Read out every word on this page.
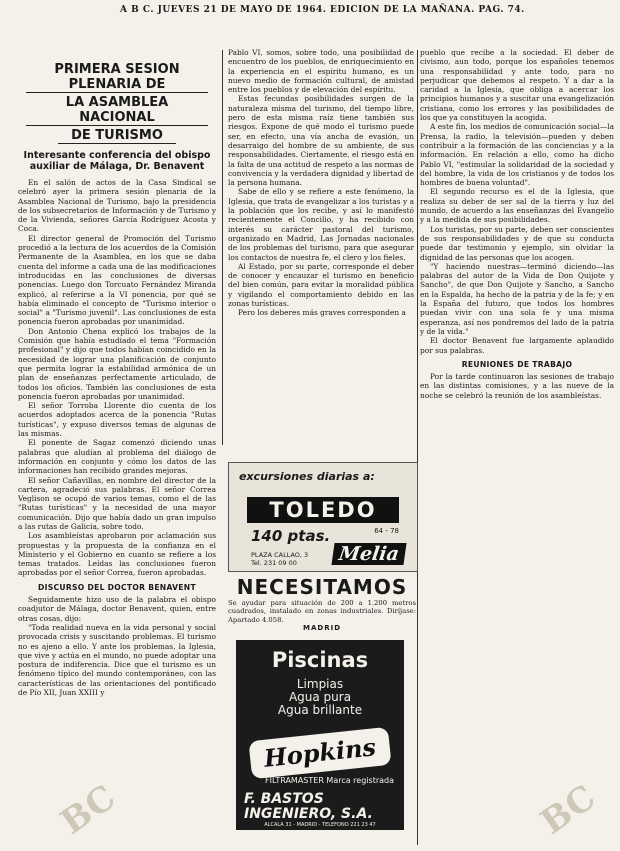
A B C. JUEVES 21 DE MAYO DE 1964. EDICION DE LA MAÑANA. PAG. 74.
PRIMERA SESION PLENARIA DE
LA ASAMBLEA NACIONAL
DE TURISMO
Interesante conferencia del obispo auxiliar de Málaga, Dr. Benavent

En el salón de actos de la Casa Sindical se celebró ayer la primera sesión plenaria de la Asamblea Nacional de Turismo, bajo la presidencia de los subsecretarios de Información y de Turismo y de la Vivienda, señores García Rodríguez Acosta y Coca.

El director general de Promoción del Turismo procedió a la lectura de los acuerdos de la Comisión Permanente de la Asamblea, en los que se daba cuenta del informe a cada una de las modificaciones introducidas en las conclusiones de diversas ponencias. Luego don Torcuato Fernández Miranda explicó, al referirse a la VI ponencia, por qué se había eliminado el concepto de "Turismo interior o social" a "Turismo juvenil". Las conclusiones de esta ponencia fueron aprobadas por unanimidad.

Don Antonio Chena explicó los trabajos de la Comisión que había estudiado el tema "Formación profesional" y dijo que todos habían coincidido en la necesidad de lograr una planificación de conjunto que permita lograr la estabilidad armónica de un plan de enseñanzas perfectamente articulado, de todos los oficios. También las conclusiones de esta ponencia fueron aprobadas por unanimidad.

El señor Torroba Llorente dio cuenta de los acuerdos adoptados acerca de la ponencia "Rutas turísticas", y expuso diversos temas de algunas de las mismas.

El ponente de Sagaz comenzó diciendo unas palabras que aludían al problema del diálogo de información en conjunto y cómo los datos de las informaciones han recibido grandes mejoras.

El señor Cañavillas, en nombre del director de la cartera, agradeció sus palabras. El señor Correa Veglison se ocupó de varios temas, como el de las "Rutas turísticas" y la necesidad de una mayor comunicación. Dijo que había dado un gran impulso a las rutas de Galicia, sobre todo.

Los asambleístas aprobaron por aclamación sus propuestas y la propuesta de la confianza en el Ministerio y el Gobierno en cuanto se refiere a los temas tratados. Leídas las conclusiones fueron aprobadas por el señor Correa, fueron aprobadas.

DISCURSO DEL DOCTOR BENAVENT

Seguidamente hizo uso de la palabra el obispo coadjutor de Málaga, doctor Benavent, quien, entre otras cosas, dijo:

"Toda realidad nueva en la vida personal y social provocada crisis y suscitando problemas. El turismo no es ajeno a ello. Y ante los problemas, la Iglesia, que vive y actúa en el mundo, no puede adoptar una postura de indiferencia. Dice que el turismo es un fenómeno típico del mundo contemporáneo, con las características de las orientaciones del pontificado de Pío XII, Juan XXIII y

Pablo VI, somos, sobre todo, una posibilidad de encuentro de los pueblos, de enriquecimiento en la experiencia en el espíritu humano, es un nuevo medio de formación cultural, de amistad entre los pueblos y de elevación del espíritu.

Estas fecundas posibilidades surgen de la naturaleza misma del turismo, del tiempo libre, pero de esta misma raíz tiene también sus riesgos. Expone de qué modo el turismo puede ser, en efecto, una vía ancha de evasión, un desarraigo del hombre de su ambiente, de sus responsabilidades. Ciertamente, el riesgo está en la falta de una actitud de respeto a las normas de convivencia y la verdadera dignidad y libertad de la persona humana.

Sabe de ello y se refiere a este fenómeno, la Iglesia, que trata de evangelizar a los turistas y a la población que los recibe, y así lo manifestó recientemente el Concilio, y ha recibido con interés su carácter pastoral del turismo, organizado en Madrid, Las Jornadas nacionales de los problemas del turismo, para que asegurar los contactos de nuestra fe, el clero y los fieles.

Al Estado, por su parte, corresponde el deber de conocer y encauzar el turismo en beneficio del bien común, para evitar la moralidad pública y vigilando el comportamiento debido en las zonas turísticas.

Pero los deberes más graves corresponden a

pueblo que recibe a la sociedad. El deber de civismo, aun todo, porque los españoles tenemos una responsabilidad y ante todo, para no perjudicar que debemos al respeto. Y a dar a la caridad a la Iglesia, que obliga a acercar los principios humanos y a suscitar una evangelización cristiana, como los errores y las posibilidades de los que ya constituyen la acogida.

A este fin, los medios de comunicación social—la Prensa, la radio, la televisión—pueden y deben contribuir a la formación de las conciencias y a la información. En relación a ello, como ha dicho Pablo VI, "estimular la solidaridad de la sociedad y del hombre, la vida de los cristianos y de todos los hombres de buena voluntad".

El segundo recurso es el de la Iglesia, que realiza su deber de ser sal de la tierra y luz del mundo, de acuerdo a las enseñanzas del Evangelio y a la medida de sus posibilidades.

Los turistas, por su parte, deben ser conscientes de sus responsabilidades y de que su conducta puede dar testimonio y ejemplo, sin olvidar la dignidad de las personas que los acogen.

"Y haciendo nuestras—terminó diciendo—las palabras del autor de la Vida de Don Quijote y Sancho", de que Don Quijote y Sancho, a Sancho en la Espalda, ha hecho de la patria y de la fe; y en la España del futuro, que todos los hombres puedan vivir con una sola fe y una misma esperanza, así nos pondremos del lado de la patria y de la vida."

El doctor Benavent fue largamente aplaudido por sus palabras.

REUNIONES DE TRABAJO

Por la tarde continuaron las sesiones de trabajo en las distintas comisiones, y a las nueve de la noche se celebró la reunión de los asambleístas.

excursiones diarias a:
TOLEDO
140 ptas.	64 - 78
PLAZA CALLAO, 3
Tel. 231 09 00	Melia
NECESITAMOS
Se ayudar para situación de 200 a 1.200 metros cuadrados, instalado en zonas industriales. Diríjase: Apartado 4.058.
MADRID
Piscinas
Limpias
Agua pura
Agua brillante
Hopkins
FILTRAMASTER Marca registrada
F. BASTOS INGENIERO, S.A.
ALCALA 31 - MADRID - TELEFONO 221 23 47
BC	BC
